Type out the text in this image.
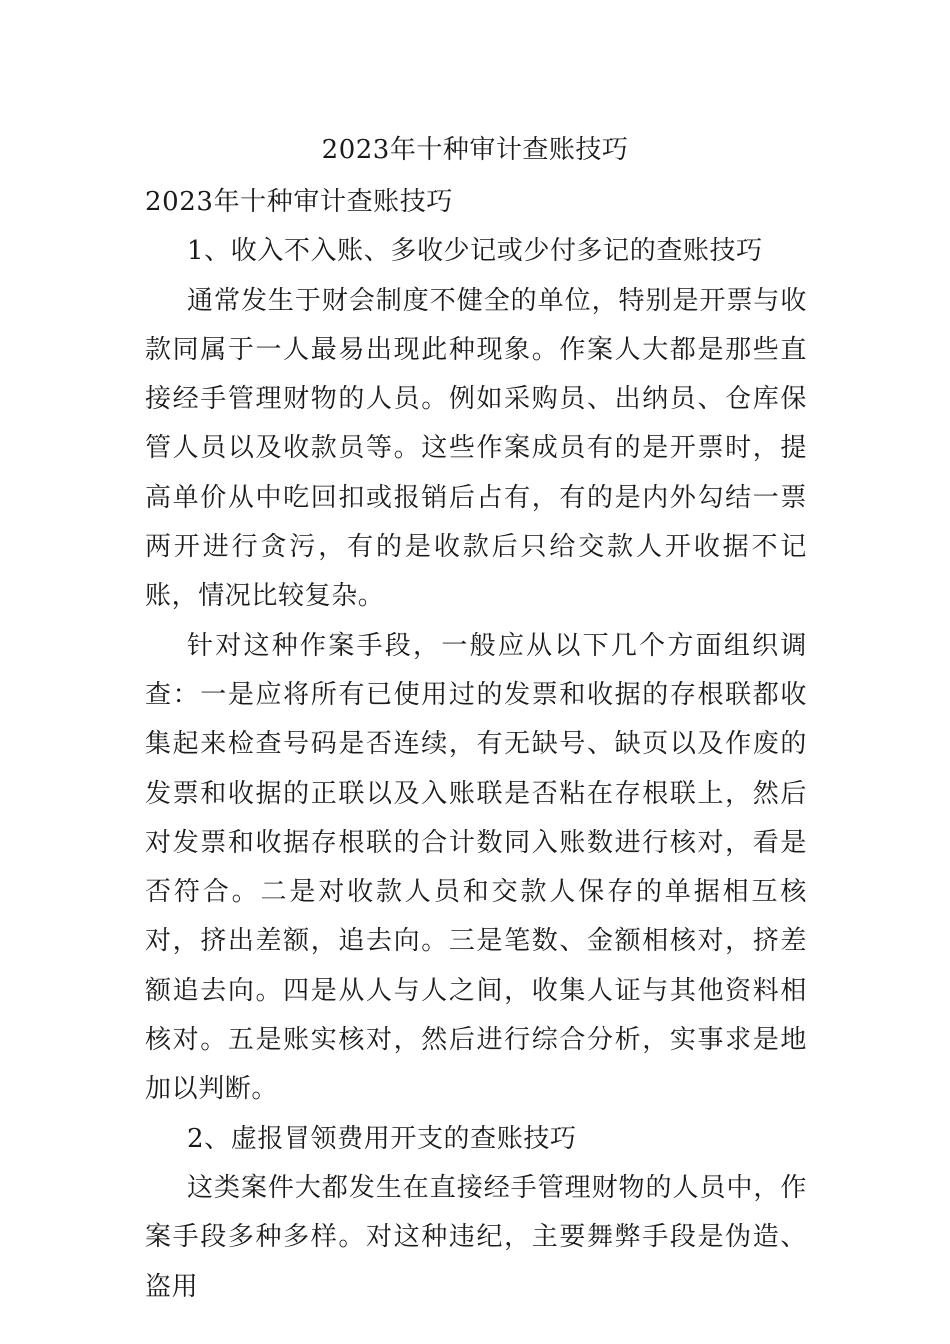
2023年十种审计查账技巧

2023年十种审计查账技巧

1、收入不入账、多收少记或少付多记的查账技巧

通常发生于财会制度不健全的单位，特别是开票与收款同属于一人最易出现此种现象。作案人大都是那些直接经手管理财物的人员。例如采购员、出纳员、仓库保管人员以及收款员等。这些作案成员有的是开票时，提高单价从中吃回扣或报销后占有，有的是内外勾结一票两开进行贪污，有的是收款后只给交款人开收据不记账，情况比较复杂。

针对这种作案手段，一般应从以下几个方面组织调查：一是应将所有已使用过的发票和收据的存根联都收集起来检查号码是否连续，有无缺号、缺页以及作废的发票和收据的正联以及入账联是否粘在存根联上，然后对发票和收据存根联的合计数同入账数进行核对，看是否符合。二是对收款人员和交款人保存的单据相互核对，挤出差额，追去向。三是笔数、金额相核对，挤差额追去向。四是从人与人之间，收集人证与其他资料相核对。五是账实核对，然后进行综合分析，实事求是地加以判断。

2、虚报冒领费用开支的查账技巧

这类案件大都发生在直接经手管理财物的人员中，作案手段多种多样。对这种违纪，主要舞弊手段是伪造、盗用
